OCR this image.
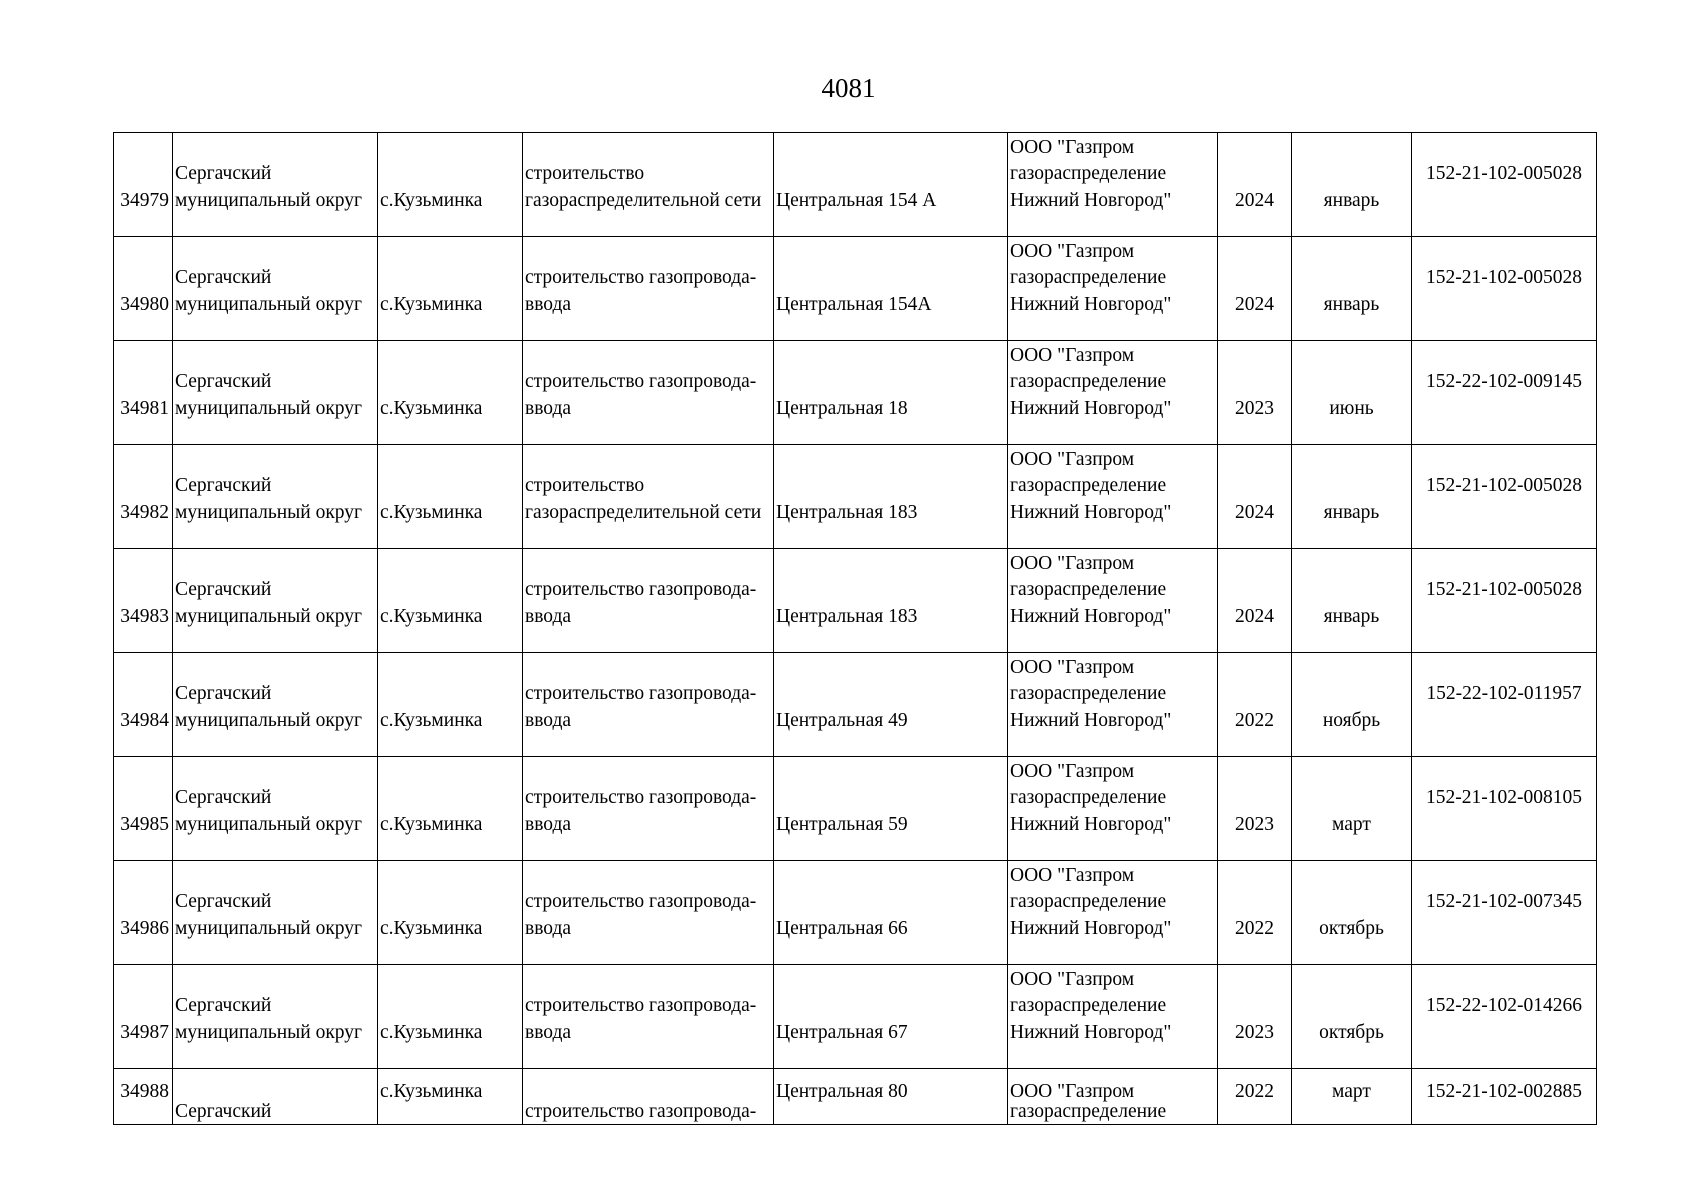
4081
34979	Сергачский
муниципальный округ	с.Кузьминка	строительство
газораспределительной сети	Центральная 154 А	ООО "Газпром
газораспределение
Нижний Новгород"	2024	январь	152-21-102-005028

34980	Сергачский
муниципальный округ	с.Кузьминка	строительство газопровода-
ввода	Центральная 154А	ООО "Газпром
газораспределение
Нижний Новгород"	2024	январь	152-21-102-005028

34981	Сергачский
муниципальный округ	с.Кузьминка	строительство газопровода-
ввода	Центральная 18	ООО "Газпром
газораспределение
Нижний Новгород"	2023	июнь	152-22-102-009145

34982	Сергачский
муниципальный округ	с.Кузьминка	строительство
газораспределительной сети	Центральная 183	ООО "Газпром
газораспределение
Нижний Новгород"	2024	январь	152-21-102-005028

34983	Сергачский
муниципальный округ	с.Кузьминка	строительство газопровода-
ввода	Центральная 183	ООО "Газпром
газораспределение
Нижний Новгород"	2024	январь	152-21-102-005028

34984	Сергачский
муниципальный округ	с.Кузьминка	строительство газопровода-
ввода	Центральная 49	ООО "Газпром
газораспределение
Нижний Новгород"	2022	ноябрь	152-22-102-011957

34985	Сергачский
муниципальный округ	с.Кузьминка	строительство газопровода-
ввода	Центральная 59	ООО "Газпром
газораспределение
Нижний Новгород"	2023	март	152-21-102-008105

34986	Сергачский
муниципальный округ	с.Кузьминка	строительство газопровода-
ввода	Центральная 66	ООО "Газпром
газораспределение
Нижний Новгород"	2022	октябрь	152-21-102-007345

34987	Сергачский
муниципальный округ	с.Кузьминка	строительство газопровода-
ввода	Центральная 67	ООО "Газпром
газораспределение
Нижний Новгород"	2023	октябрь	152-22-102-014266

34988	Сергачский	с.Кузьминка	строительство газопровода-	Центральная 80	ООО "Газпром
газораспределение	2022	март	152-21-102-002885
